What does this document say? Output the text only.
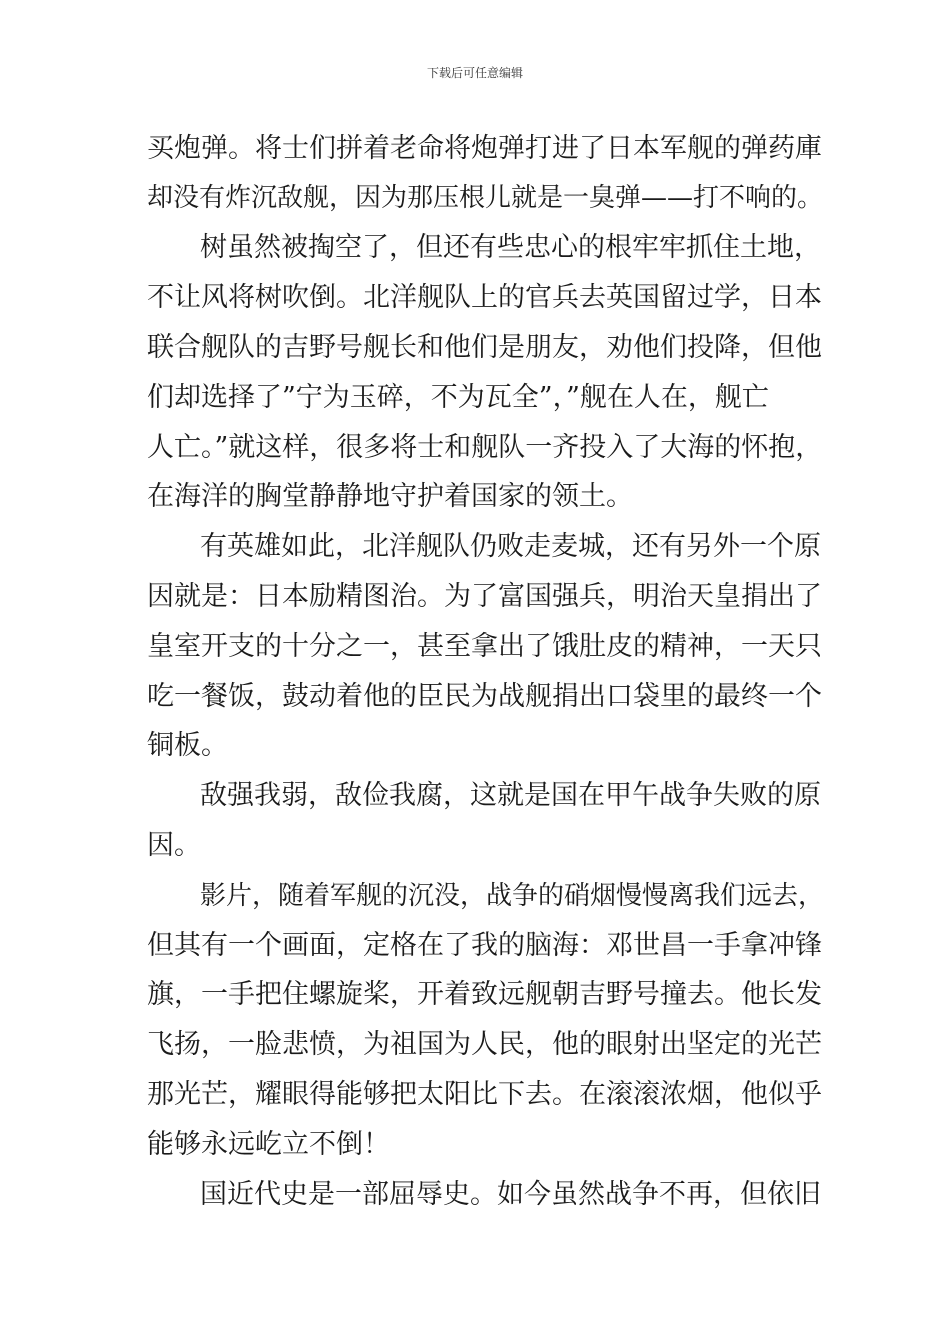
下载后可任意编辑
买炮弹。将士们拼着老命将炮弹打进了日本军舰的弹药庫
却没有炸沉敌舰，因为那压根儿就是一臭弹——打不响的。
树虽然被掏空了，但还有些忠心的根牢牢抓住土地，
不让风将树吹倒。北洋舰队上的官兵去英国留过学，日本
联合舰队的吉野号舰长和他们是朋友，劝他们投降，但他
们却选择了”宁为玉碎，不为瓦全”，”舰在人在，舰亡
人亡。”就这样，很多将士和舰队一齐投入了大海的怀抱，
在海洋的胸堂静静地守护着国家的领土。
有英雄如此，北洋舰队仍败走麦城，还有另外一个原
因就是：日本励精图治。为了富国强兵，明治天皇捐出了
皇室开支的十分之一，甚至拿出了饿肚皮的精神，一天只
吃一餐饭，鼓动着他的臣民为战舰捐出口袋里的最终一个
铜板。
敌强我弱，敌俭我腐，这就是国在甲午战争失败的原
因。
影片，随着军舰的沉没，战争的硝烟慢慢离我们远去，
但其有一个画面，定格在了我的脑海：邓世昌一手拿冲锋
旗，一手把住螺旋桨，开着致远舰朝吉野号撞去。他长发
飞扬，一脸悲愤，为祖国为人民，他的眼射出坚定的光芒
那光芒，耀眼得能够把太阳比下去。在滚滚浓烟，他似乎
能够永远屹立不倒！
国近代史是一部屈辱史。如今虽然战争不再，但依旧
